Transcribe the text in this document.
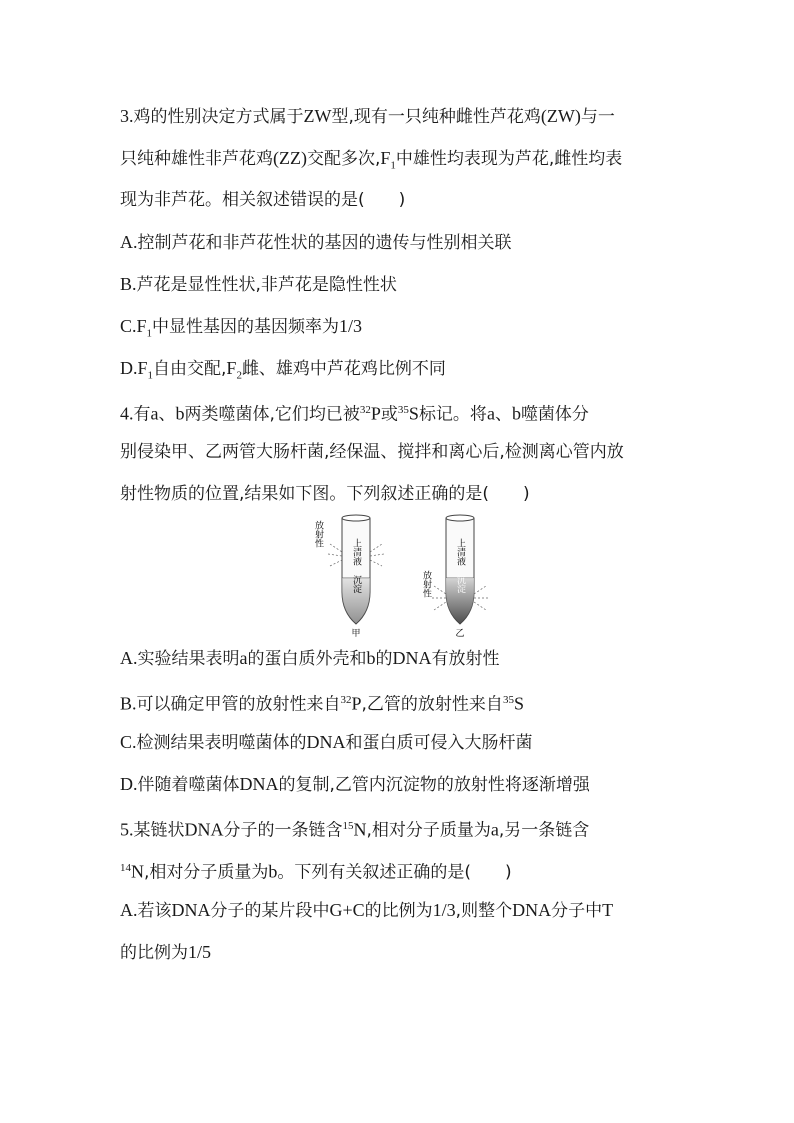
3.鸡的性别决定方式属于ZW型,现有一只纯种雌性芦花鸡(ZW)与一
只纯种雄性非芦花鸡(ZZ)交配多次$,F_1$中雄性均表现为芦花,雌性均表
现为非芦花。相关叙述错误的是(　　)
A.控制芦花和非芦花性状的基因的遗传与性别相关联
B.芦花是显性性状,非芦花是隐性性状
$C.F_1$中显性基因的基因频率为1/3
$D.F_1$自由交配$,F_2$雌、雄鸡中芦花鸡比例不同
4.有a、b两类噬菌体,它们均已被$^{32}$P或$^{35}$S标记。将a、b噬菌体分
别侵染甲、乙两管大肠杆菌,经保温、搅拌和离心后,检测离心管内放
射性物质的位置,结果如下图。下列叙述正确的是(　　)
上清液
沉淀
甲
放射性
上清液
沉淀
乙
放射性
A.实验结果表明a的蛋白质外壳和b的DNA有放射性
B.可以确定甲管的放射性来自$^{32}$P,乙管的放射性来自$^{35}$S
C.检测结果表明噬菌体的DNA和蛋白质可侵入大肠杆菌
D.伴随着噬菌体DNA的复制,乙管内沉淀物的放射性将逐渐增强
5.某链状DNA分子的一条链含$^{15}$N,相对分子质量为a,另一条链含
$^{14}$N,相对分子质量为b。下列有关叙述正确的是(　　)
A.若该DNA分子的某片段中G+C的比例为1/3,则整个DNA分子中T
的比例为1/5
